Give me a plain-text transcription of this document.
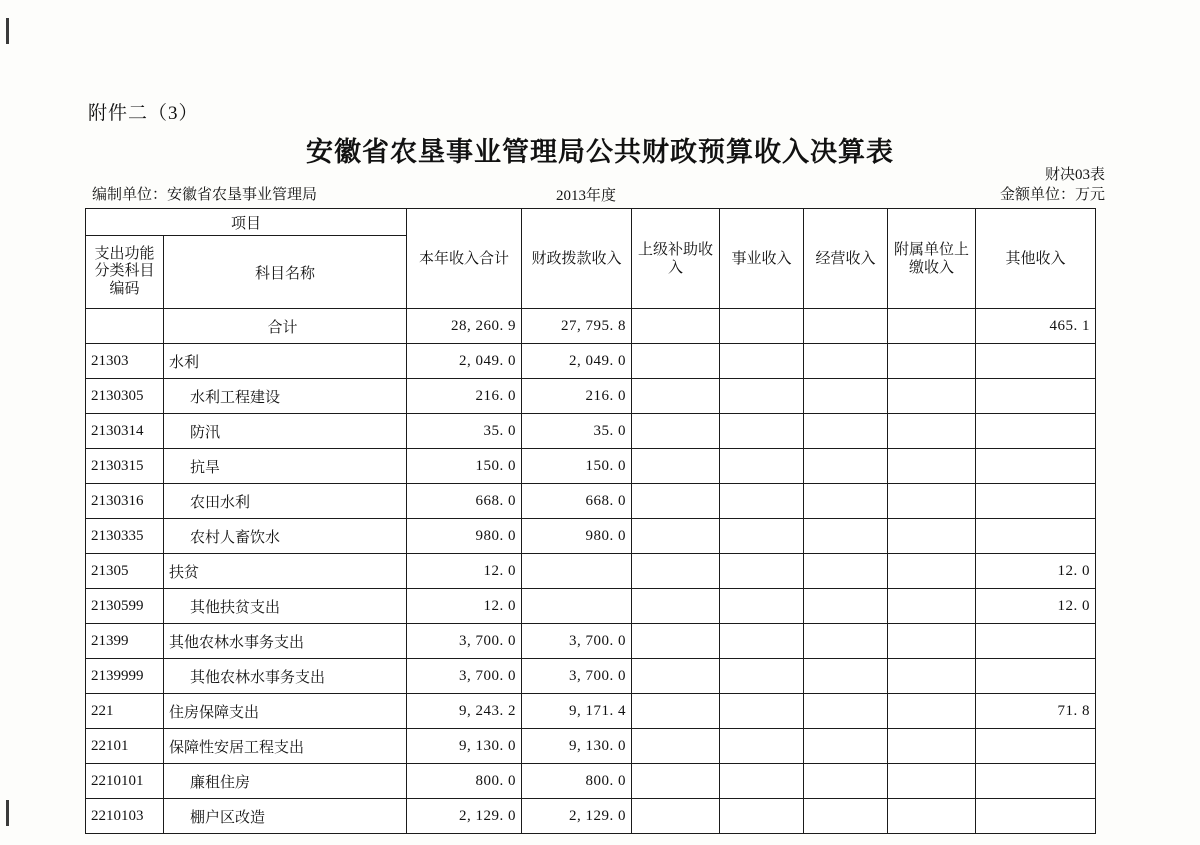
附件二（3）
安徽省农垦事业管理局公共财政预算收入决算表
财决03表
金额单位：万元
编制单位：安徽省农垦事业管理局	2013年度
项目		本年收入合计	财政拨款收入	上级补助收入	事业收入	经营收入	附属单位上缴收入	其他收入

支出功能
分类科目
编码	科目名称							
	合计	28, 260. 9	27, 795. 8					465. 1
21303	水利	2, 049. 0	2, 049. 0					
2130305	水利工程建设	216. 0	216. 0					
2130314	防汛	35. 0	35. 0					
2130315	抗旱	150. 0	150. 0					
2130316	农田水利	668. 0	668. 0					
2130335	农村人畜饮水	980. 0	980. 0					
21305	扶贫	12. 0						12. 0
2130599	其他扶贫支出	12. 0						12. 0
21399	其他农林水事务支出	3, 700. 0	3, 700. 0					
2139999	其他农林水事务支出	3, 700. 0	3, 700. 0					
221	住房保障支出	9, 243. 2	9, 171. 4					71. 8
22101	保障性安居工程支出	9, 130. 0	9, 130. 0					
2210101	廉租住房	800. 0	800. 0					
2210103	棚户区改造	2, 129. 0	2, 129. 0					
